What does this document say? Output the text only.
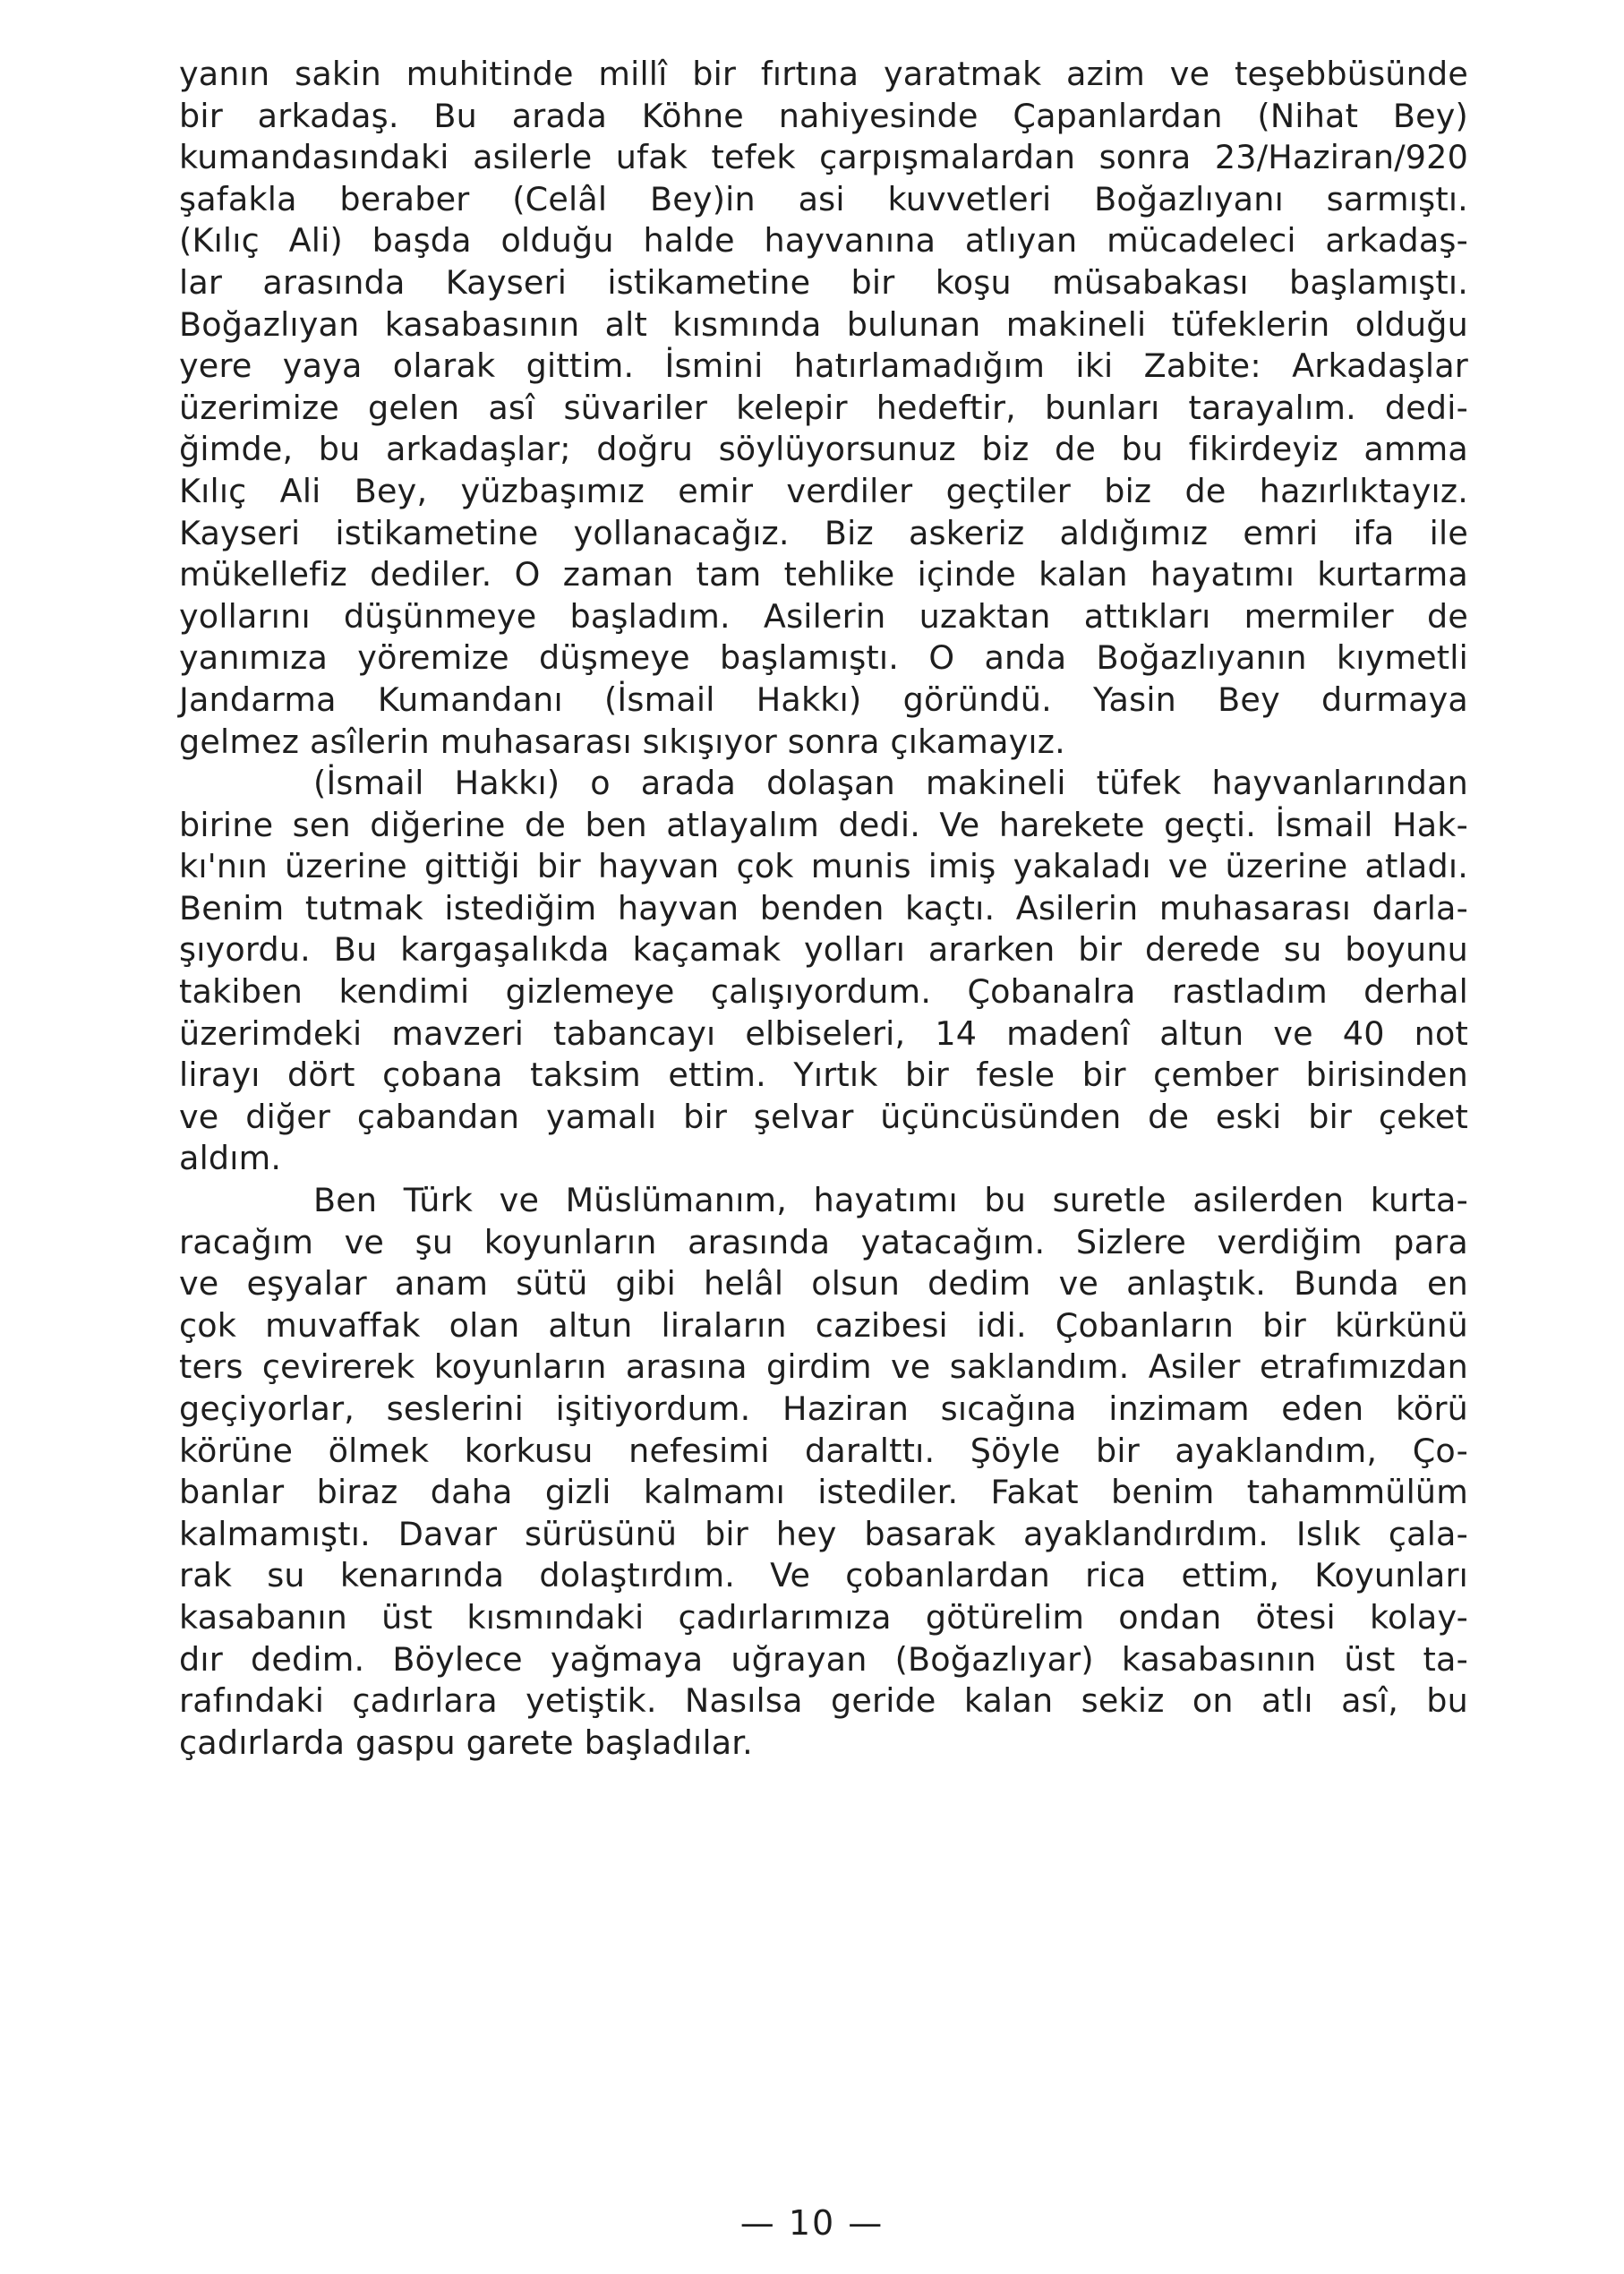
yanın sakin muhitinde millî bir fırtına yaratmak azim ve teşebbüsünde
bir arkadaş. Bu arada Köhne nahiyesinde Çapanlardan (Nihat Bey)
kumandasındaki asilerle ufak tefek çarpışmalardan sonra 23/Haziran/920
şafakla beraber (Celâl Bey)in asi kuvvetleri Boğazlıyanı sarmıştı.
(Kılıç Ali) başda olduğu halde hayvanına atlıyan mücadeleci arkadaş-
lar arasında Kayseri istikametine bir koşu müsabakası başlamıştı.
Boğazlıyan kasabasının alt kısmında bulunan makineli tüfeklerin olduğu
yere yaya olarak gittim. İsmini hatırlamadığım iki Zabite: Arkadaşlar
üzerimize gelen asî süvariler kelepir hedeftir, bunları tarayalım. dedi-
ğimde, bu arkadaşlar; doğru söylüyorsunuz biz de bu fikirdeyiz amma
Kılıç Ali Bey, yüzbaşımız emir verdiler geçtiler biz de hazırlıktayız.
Kayseri istikametine yollanacağız. Biz askeriz aldığımız emri ifa ile
mükellefiz dediler. O zaman tam tehlike içinde kalan hayatımı kurtarma
yollarını düşünmeye başladım. Asilerin uzaktan attıkları mermiler de
yanımıza yöremize düşmeye başlamıştı. O anda Boğazlıyanın kıymetli
Jandarma Kumandanı (İsmail Hakkı) göründü. Yasin Bey durmaya
gelmez asîlerin muhasarası sıkışıyor sonra çıkamayız.
(İsmail Hakkı) o arada dolaşan makineli tüfek hayvanlarından
birine sen diğerine de ben atlayalım dedi. Ve harekete geçti. İsmail Hak-
kı'nın üzerine gittiği bir hayvan çok munis imiş yakaladı ve üzerine atladı.
Benim tutmak istediğim hayvan benden kaçtı. Asilerin muhasarası darla-
şıyordu. Bu kargaşalıkda kaçamak yolları ararken bir derede su boyunu
takiben kendimi gizlemeye çalışıyordum. Çobanalra rastladım derhal
üzerimdeki mavzeri tabancayı elbiseleri, 14 madenî altun ve 40 not
lirayı dört çobana taksim ettim. Yırtık bir fesle bir çember birisinden
ve diğer çabandan yamalı bir şelvar üçüncüsünden de eski bir çeket
aldım.
Ben Türk ve Müslümanım, hayatımı bu suretle asilerden kurta-
racağım ve şu koyunların arasında yatacağım. Sizlere verdiğim para
ve eşyalar anam sütü gibi helâl olsun dedim ve anlaştık. Bunda en
çok muvaffak olan altun liraların cazibesi idi. Çobanların bir kürkünü
ters çevirerek koyunların arasına girdim ve saklandım. Asiler etrafımızdan
geçiyorlar, seslerini işitiyordum. Haziran sıcağına inzimam eden körü
körüne ölmek korkusu nefesimi daralttı. Şöyle bir ayaklandım, Ço-
banlar biraz daha gizli kalmamı istediler. Fakat benim tahammülüm
kalmamıştı. Davar sürüsünü bir hey basarak ayaklandırdım. Islık çala-
rak su kenarında dolaştırdım. Ve çobanlardan rica ettim, Koyunları
kasabanın üst kısmındaki çadırlarımıza götürelim ondan ötesi kolay-
dır dedim. Böylece yağmaya uğrayan (Boğazlıyar) kasabasının üst ta-
rafındaki çadırlara yetiştik. Nasılsa geride kalan sekiz on atlı asî, bu
çadırlarda gaspu garete başladılar.
— 10 —
